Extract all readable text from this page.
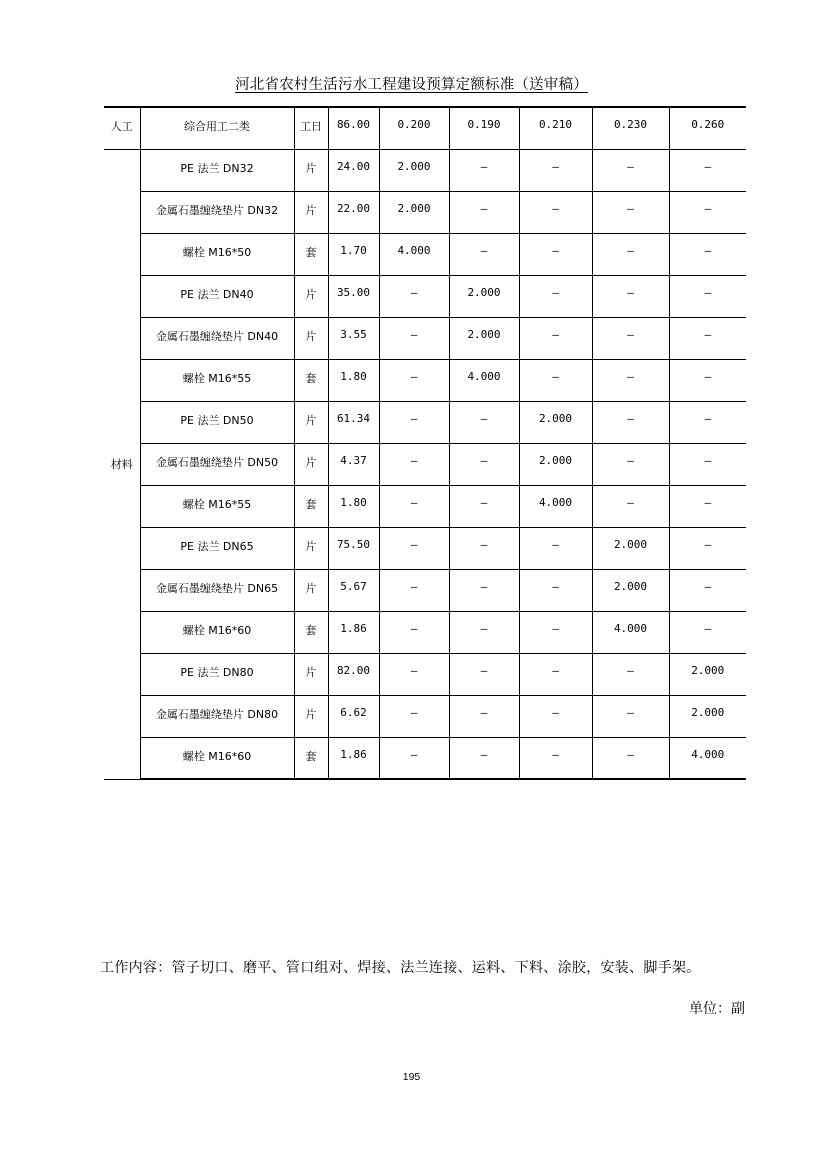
河北省农村生活污水工程建设预算定额标准（送审稿）
人工	综合用工二类	工日	86.00	0.200	0.190	0.210	0.230	0.260

材料	PE 法兰 DN32	片	24.00	2.000	–	–	–	–

	金属石墨缠绕垫片 DN32	片	22.00	2.000	–	–	–	–

	螺栓 M16*50	套	1.70	4.000	–	–	–	–

	PE 法兰 DN40	片	35.00	–	2.000	–	–	–

	金属石墨缠绕垫片 DN40	片	3.55	–	2.000	–	–	–

	螺栓 M16*55	套	1.80	–	4.000	–	–	–

	PE 法兰 DN50	片	61.34	–	–	2.000	–	–

	金属石墨缠绕垫片 DN50	片	4.37	–	–	2.000	–	–

	螺栓 M16*55	套	1.80	–	–	4.000	–	–

	PE 法兰 DN65	片	75.50	–	–	–	2.000	–

	金属石墨缠绕垫片 DN65	片	5.67	–	–	–	2.000	–

	螺栓 M16*60	套	1.86	–	–	–	4.000	–

	PE 法兰 DN80	片	82.00	–	–	–	–	2.000

	金属石墨缠绕垫片 DN80	片	6.62	–	–	–	–	2.000

	螺栓 M16*60	套	1.86	–	–	–	–	4.000
工作内容：管子切口、磨平、管口组对、焊接、法兰连接、运料、下料、涂胶，安装、脚手架。
单位：副
195
